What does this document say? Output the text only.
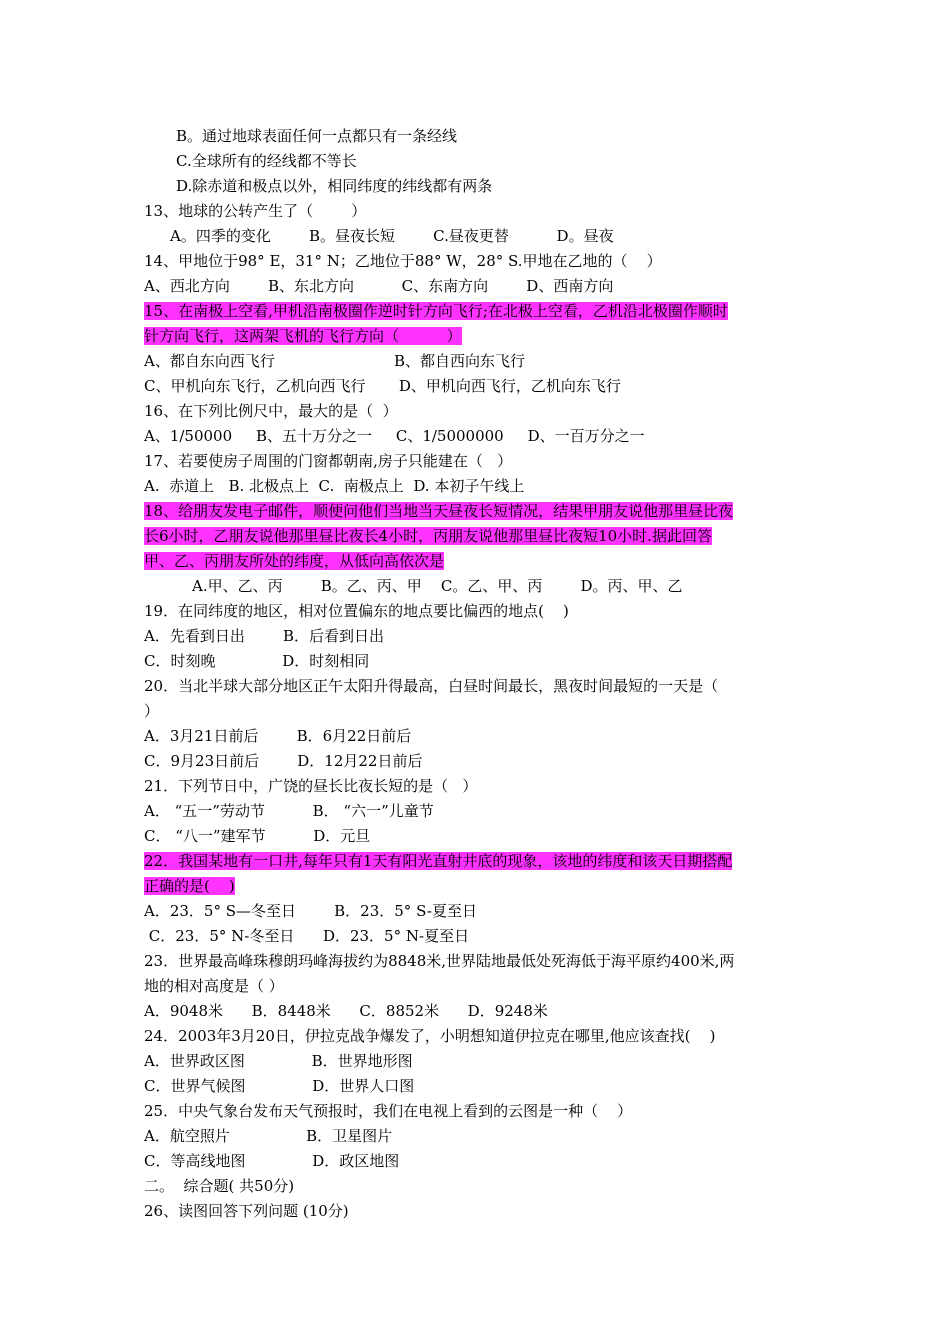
B。通过地球表面任何一点都只有一条经线
C.全球所有的经线都不等长
D.除赤道和极点以外，相同纬度的纬线都有两条
13、地球的公转产生了（        ）
A。四季的变化        B。昼夜长短        C.昼夜更替          D。昼夜
14、甲地位于98° E，31° N；乙地位于88° W，28° S.甲地在乙地的（    ）
A、西北方向        B、东北方向          C、东南方向        D、西南方向
15、在南极上空看,甲机沿南极圈作逆时针方向飞行;在北极上空看，乙机沿北极圈作顺时
针方向飞行，这两架飞机的飞行方向（          ）
A、都自东向西飞行                         B、都自西向东飞行
C、甲机向东飞行，乙机向西飞行       D、甲机向西飞行，乙机向东飞行
16、在下列比例尺中，最大的是（  ）
A、1/50000     B、五十万分之一     C、1/5000000     D、一百万分之一
17、若要使房子周围的门窗都朝南,房子只能建在（   ）
A.  赤道上   B. 北极点上  C.  南极点上  D. 本初子午线上
18、给朋友发电子邮件，顺便问他们当地当天昼夜长短情况，结果甲朋友说他那里昼比夜
长6小时，乙朋友说他那里昼比夜长4小时，丙朋友说他那里昼比夜短10小时.据此回答
甲、乙、丙朋友所处的纬度，从低向高依次是
A.甲、乙、丙        B。乙、丙、甲    C。乙、甲、丙        D。丙、甲、乙
19．在同纬度的地区，相对位置偏东的地点要比偏西的地点(    )
A．先看到日出        B．后看到日出
C．时刻晚              D．时刻相同
20．当北半球大部分地区正午太阳升得最高，白昼时间最长，黑夜时间最短的一天是（
）
A．3月21日前后        B．6月22日前后
C．9月23日前后        D．12月22日前后
21．下列节日中，广饶的昼长比夜长短的是（   ）
A． “五一”劳动节          B． “六一”儿童节
C． “八一”建军节          D．元旦
22．我国某地有一口井,每年只有1天有阳光直射井底的现象，该地的纬度和该天日期搭配
正确的是(    )
A．23．5° S—冬至日        B．23．5° S-夏至日
C．23．5° N-冬至日      D．23．5° N-夏至日
23．世界最高峰珠穆朗玛峰海拔约为8848米,世界陆地最低处死海低于海平原约400米,两
地的相对高度是（ ）
A．9048米      B．8448米      C．8852米      D．9248米
24．2003年3月20日，伊拉克战争爆发了，小明想知道伊拉克在哪里,他应该查找(    )
A．世界政区图              B．世界地形图
C．世界气候图              D．世界人口图
25．中央气象台发布天气预报时，我们在电视上看到的云图是一种（    ）
A．航空照片                B．卫星图片
C．等高线地图              D．政区地图
二。  综合题( 共50分)
26、读图回答下列问题 (10分)
